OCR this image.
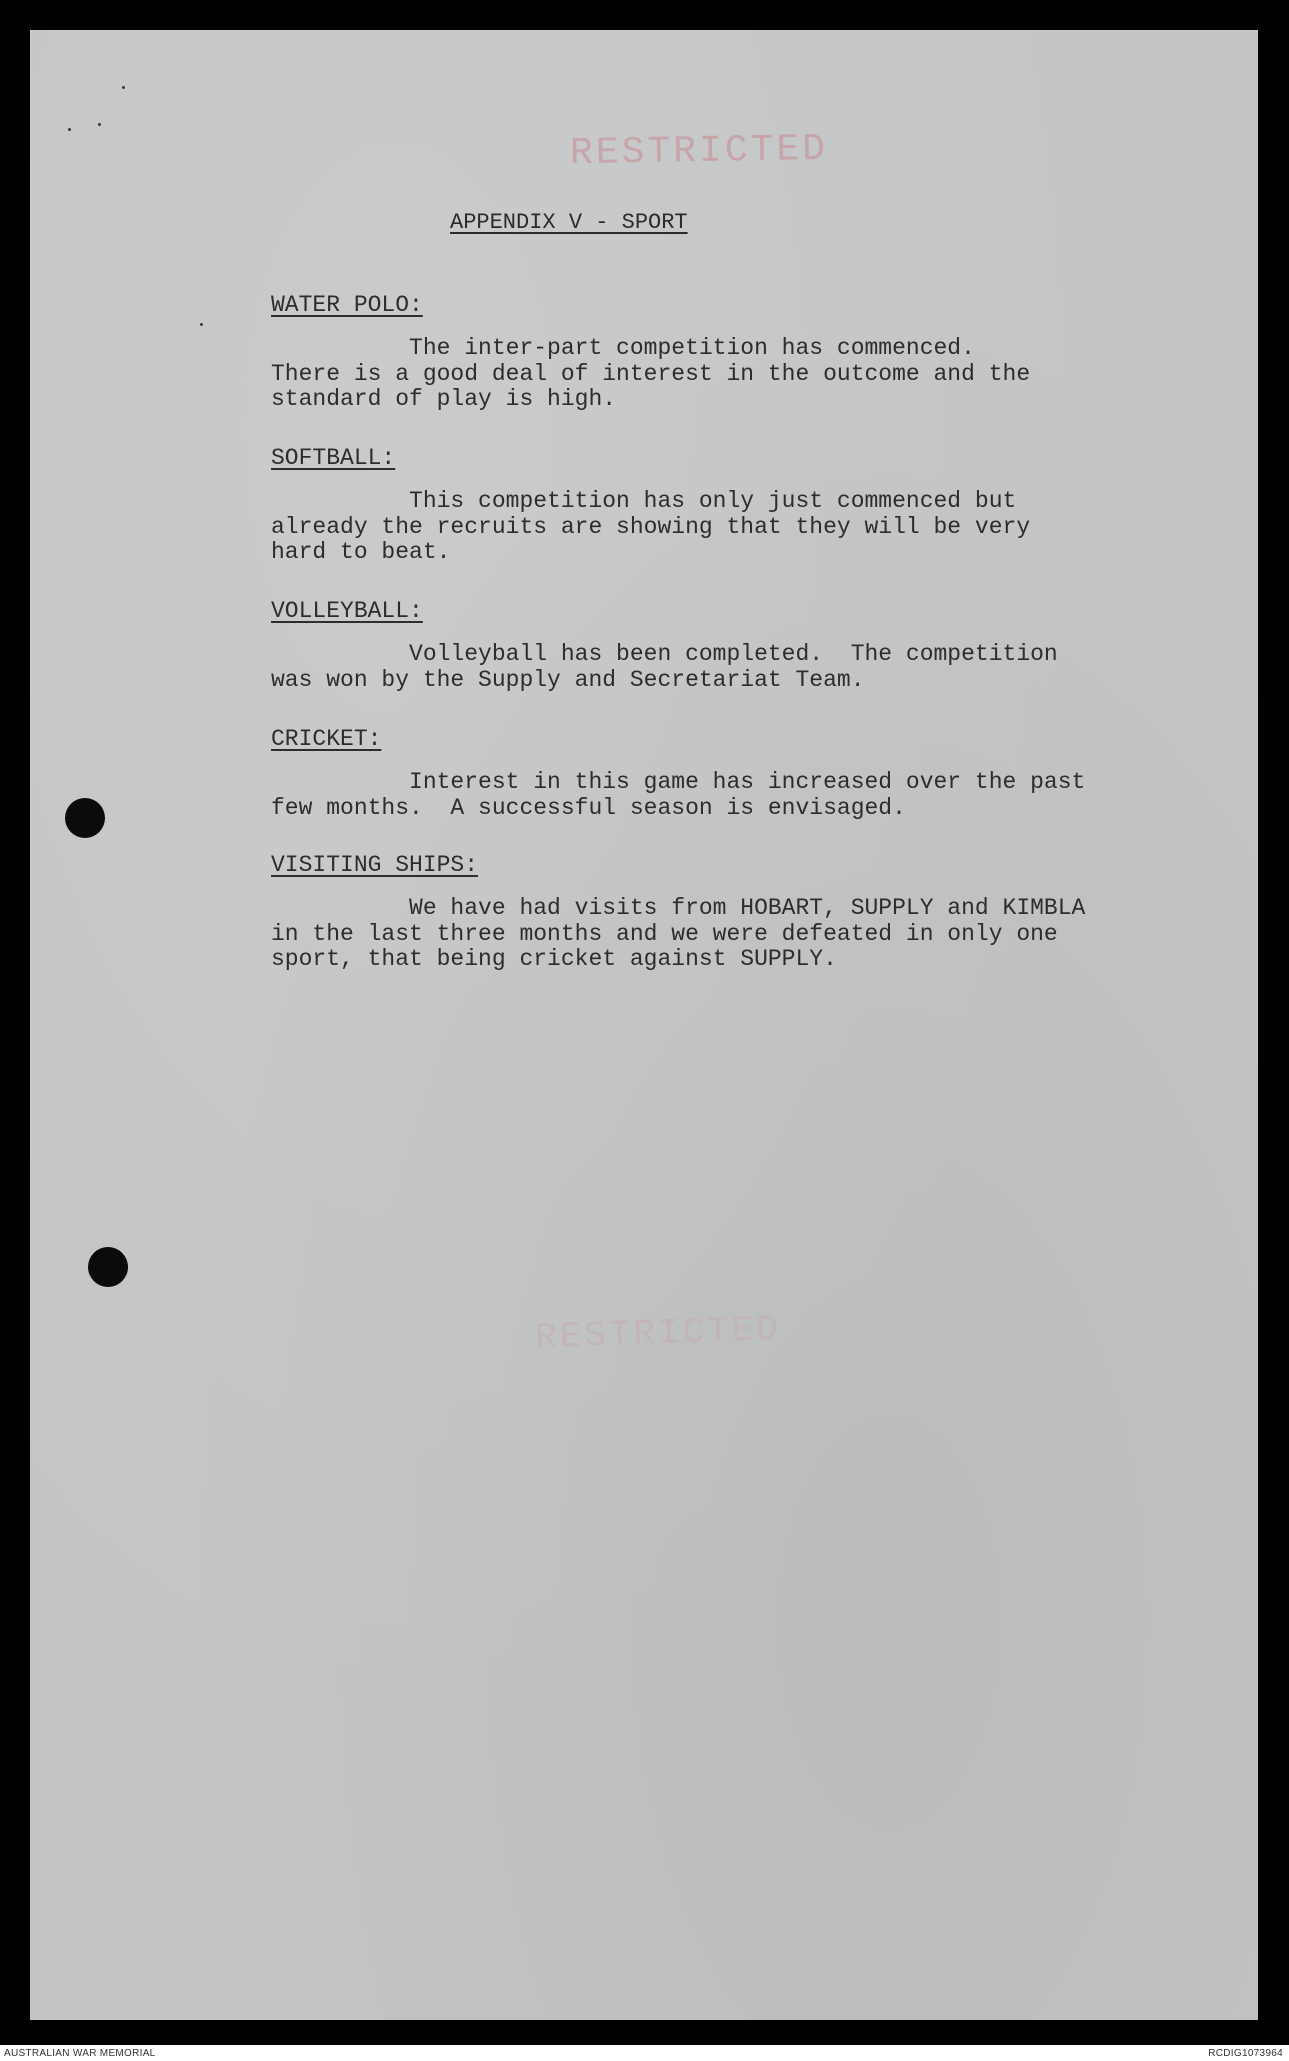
RESTRICTED
APPENDIX V - SPORT
WATER POLO:
The inter-part competition has commenced.
There is a good deal of interest in the outcome and the
standard of play is high.
SOFTBALL:
This competition has only just commenced but
already the recruits are showing that they will be very
hard to beat.
VOLLEYBALL:
Volleyball has been completed.  The competition
was won by the Supply and Secretariat Team.
CRICKET:
Interest in this game has increased over the past
few months.  A successful season is envisaged.
VISITING SHIPS:
We have had visits from HOBART, SUPPLY and KIMBLA
in the last three months and we were defeated in only one
sport, that being cricket against SUPPLY.
RESTRICTED
AUSTRALIAN WAR MEMORIAL	RCDIG1073964
